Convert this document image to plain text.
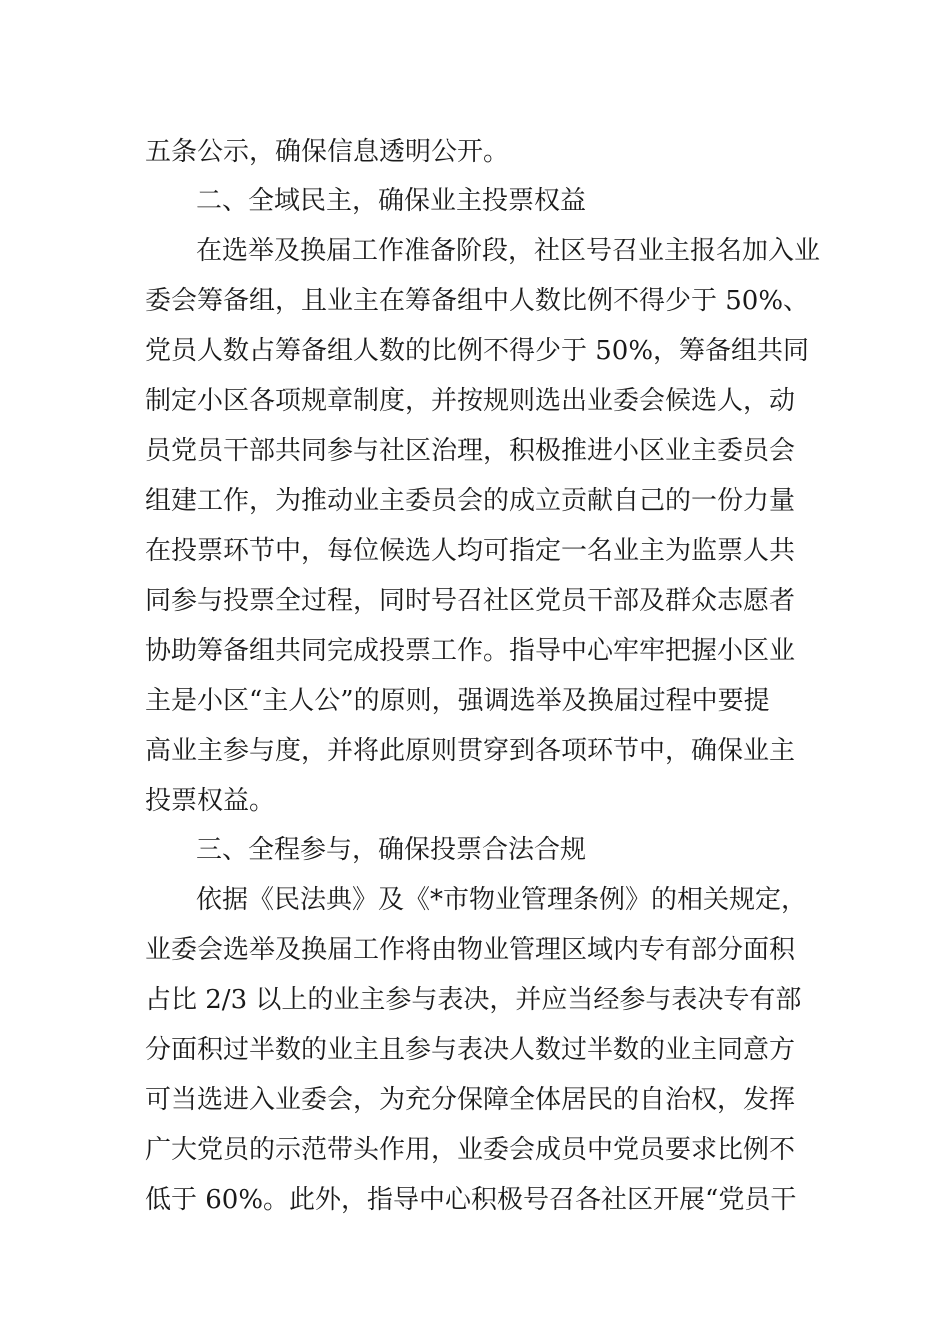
五条公示，确保信息透明公开。
二、全域民主，确保业主投票权益
在选举及换届工作准备阶段，社区号召业主报名加入业
委会筹备组，且业主在筹备组中人数比例不得少于 50%、
党员人数占筹备组人数的比例不得少于 50%，筹备组共同
制定小区各项规章制度，并按规则选出业委会候选人，动
员党员干部共同参与社区治理，积极推进小区业主委员会
组建工作，为推动业主委员会的成立贡献自己的一份力量
在投票环节中，每位候选人均可指定一名业主为监票人共
同参与投票全过程，同时号召社区党员干部及群众志愿者
协助筹备组共同完成投票工作。指导中心牢牢把握小区业
主是小区“主人公”的原则，强调选举及换届过程中要提
高业主参与度，并将此原则贯穿到各项环节中，确保业主
投票权益。
三、全程参与，确保投票合法合规
依据《民法典》及《*市物业管理条例》的相关规定，
业委会选举及换届工作将由物业管理区域内专有部分面积
占比 2/3 以上的业主参与表决，并应当经参与表决专有部
分面积过半数的业主且参与表决人数过半数的业主同意方
可当选进入业委会，为充分保障全体居民的自治权，发挥
广大党员的示范带头作用，业委会成员中党员要求比例不
低于 60%。此外，指导中心积极号召各社区开展“党员干
